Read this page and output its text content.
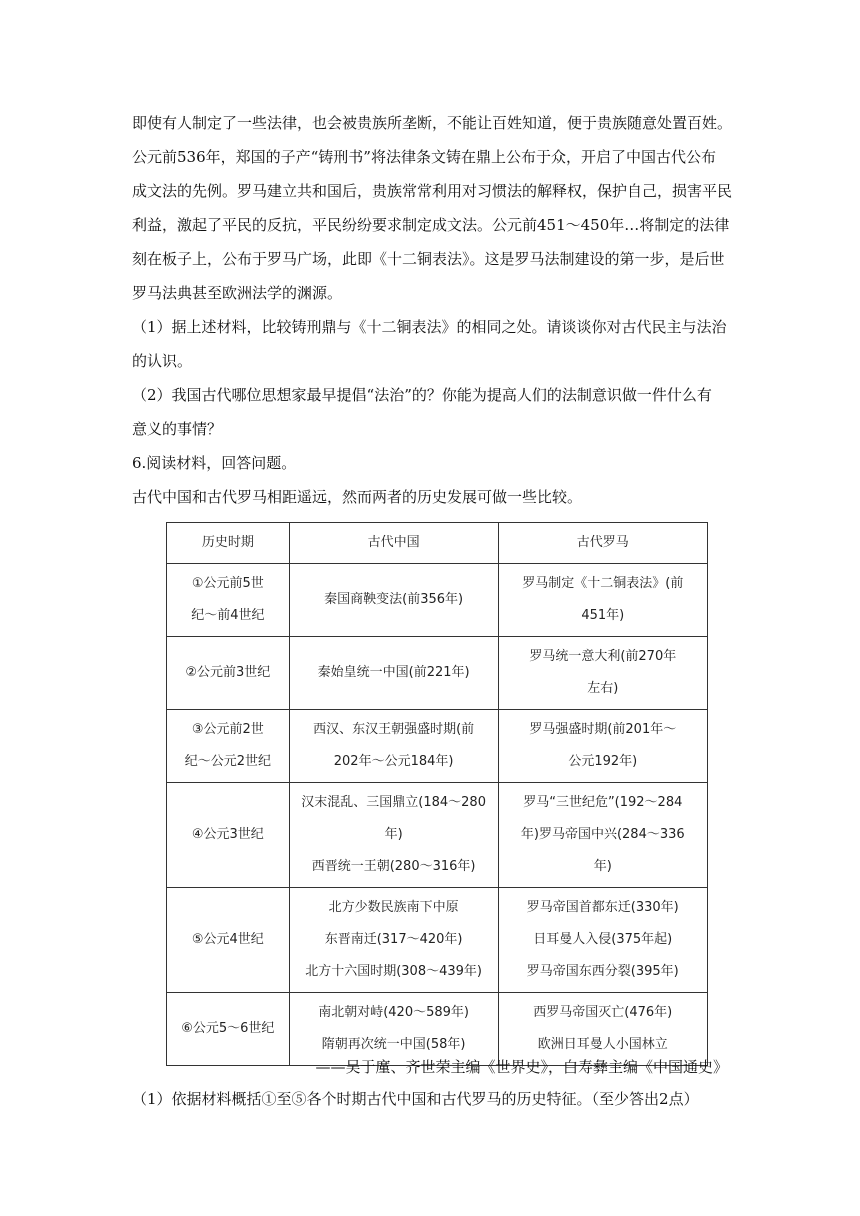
即使有人制定了一些法律，也会被贵族所垄断，不能让百姓知道，便于贵族随意处置百姓。
公元前536年，郑国的子产“铸刑书”将法律条文铸在鼎上公布于众，开启了中国古代公布
成文法的先例。罗马建立共和国后，贵族常常利用对习惯法的解释权，保护自己，损害平民
利益，激起了平民的反抗，平民纷纷要求制定成文法。公元前451～450年…将制定的法律
刻在板子上，公布于罗马广场，此即《十二铜表法》。这是罗马法制建设的第一步，是后世
罗马法典甚至欧洲法学的渊源。
（1）据上述材料，比较铸刑鼎与《十二铜表法》的相同之处。请谈谈你对古代民主与法治
的认识。
（2）我国古代哪位思想家最早提倡“法治”的？你能为提高人们的法制意识做一件什么有
意义的事情？
6.阅读材料，回答问题。
古代中国和古代罗马相距遥远，然而两者的历史发展可做一些比较。
历史时期	古代中国	古代罗马

①公元前5世
纪～前4世纪	秦国商鞅变法(前356年)	罗马制定《十二铜表法》(前
451年)

②公元前3世纪	秦始皇统一中国(前221年)	罗马统一意大利(前270年
左右)

③公元前2世
纪～公元2世纪	西汉、东汉王朝强盛时期(前
202年～公元184年)	罗马强盛时期(前201年～
公元192年)

④公元3世纪	汉末混乱、三国鼎立(184～280
年)
西晋统一王朝(280～316年)	罗马“三世纪危”(192～284
年)罗马帝国中兴(284～336
年)

⑤公元4世纪	北方少数民族南下中原
东晋南迁(317～420年)
北方十六国时期(308～439年)	罗马帝国首都东迁(330年)
日耳曼人入侵(375年起)
罗马帝国东西分裂(395年)

⑥公元5～6世纪	南北朝对峙(420～589年)
隋朝再次统一中国(58年)	西罗马帝国灭亡(476年)
欧洲日耳曼人小国林立
——吴于廑、齐世荣主编《世界史》，白寿彝主编《中国通史》
（1）依据材料概括①至⑤各个时期古代中国和古代罗马的历史特征。（至少答出2点）
